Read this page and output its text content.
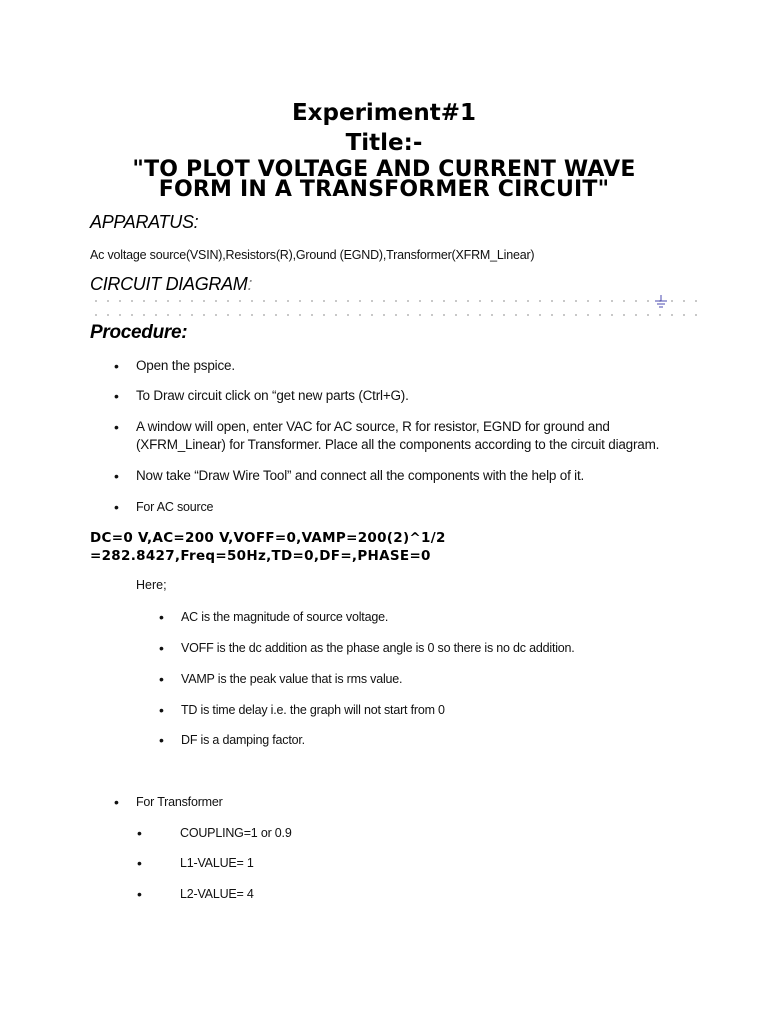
Experiment#1
Title:-
"TO PLOT VOLTAGE AND CURRENT WAVE
FORM IN A TRANSFORMER CIRCUIT"
APPARATUS:
Ac voltage source(VSIN),Resistors(R),Ground (EGND),Transformer(XFRM_Linear)
CIRCUIT DIAGRAM:
Procedure:
• Open the pspice.
• To Draw circuit click on “get new parts (Ctrl+G).
• A window will open, enter VAC for AC source, R for resistor, EGND for ground and
(XFRM_Linear) for Transformer. Place all the components according to the circuit diagram.
• Now take “Draw Wire Tool” and connect all the components with the help of it.
• For AC source
DC=0 V,AC=200 V,VOFF=0,VAMP=200(2)^1/2
=282.8427,Freq=50Hz,TD=0,DF=,PHASE=0
Here;
• AC is the magnitude of source voltage.
• VOFF is the dc addition as the phase angle is 0 so there is no dc addition.
• VAMP is the peak value that is rms value.
• TD is time delay i.e. the graph will not start from 0
• DF is a damping factor.
• For Transformer
•	COUPLING=1 or 0.9
•	L1-VALUE= 1
•	L2-VALUE= 4
